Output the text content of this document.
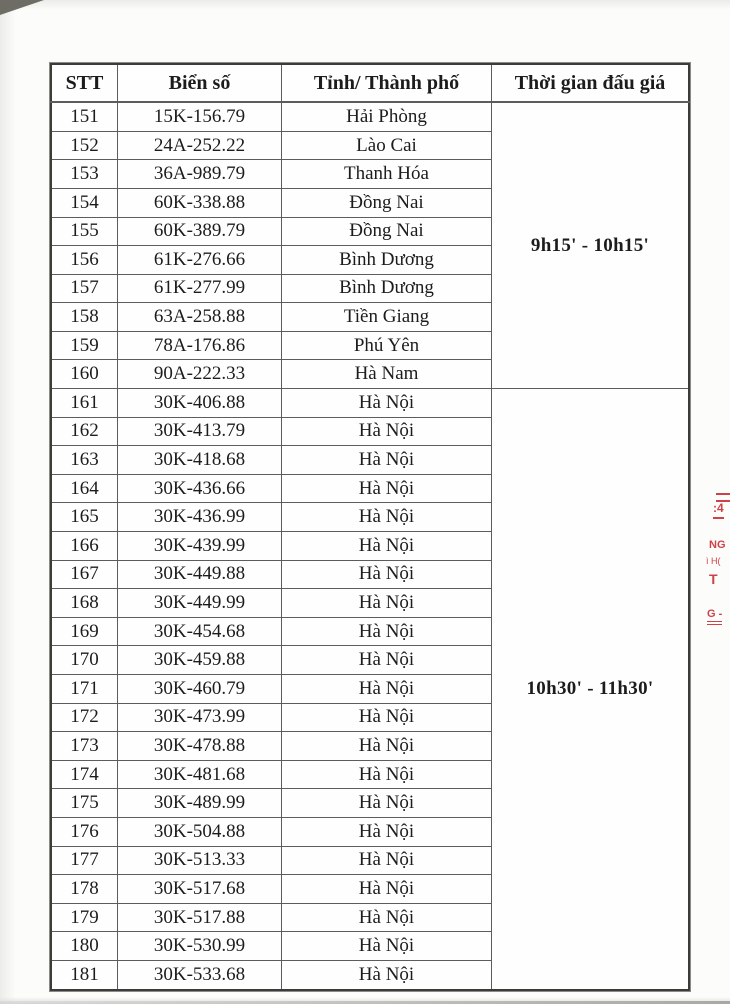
STT	Biển số	Tỉnh/ Thành phố	Thời gian đấu giá
151	15K-156.79	Hải Phòng	9h15' - 10h15'
152	24A-252.22	Lào Cai	
153	36A-989.79	Thanh Hóa	
154	60K-338.88	Đồng Nai	
155	60K-389.79	Đồng Nai	
156	61K-276.66	Bình Dương	
157	61K-277.99	Bình Dương	
158	63A-258.88	Tiền Giang	
159	78A-176.86	Phú Yên	
160	90A-222.33	Hà Nam	
161	30K-406.88	Hà Nội	10h30' - 11h30'
162	30K-413.79	Hà Nội	
163	30K-418.68	Hà Nội	
164	30K-436.66	Hà Nội	
165	30K-436.99	Hà Nội	
166	30K-439.99	Hà Nội	
167	30K-449.88	Hà Nội	
168	30K-449.99	Hà Nội	
169	30K-454.68	Hà Nội	
170	30K-459.88	Hà Nội	
171	30K-460.79	Hà Nội	
172	30K-473.99	Hà Nội	
173	30K-478.88	Hà Nội	
174	30K-481.68	Hà Nội	
175	30K-489.99	Hà Nội	
176	30K-504.88	Hà Nội	
177	30K-513.33	Hà Nội	
178	30K-517.68	Hà Nội	
179	30K-517.88	Hà Nội	
180	30K-530.99	Hà Nội	
181	30K-533.68	Hà Nội	
:4
NG
ì H(
T
G -
